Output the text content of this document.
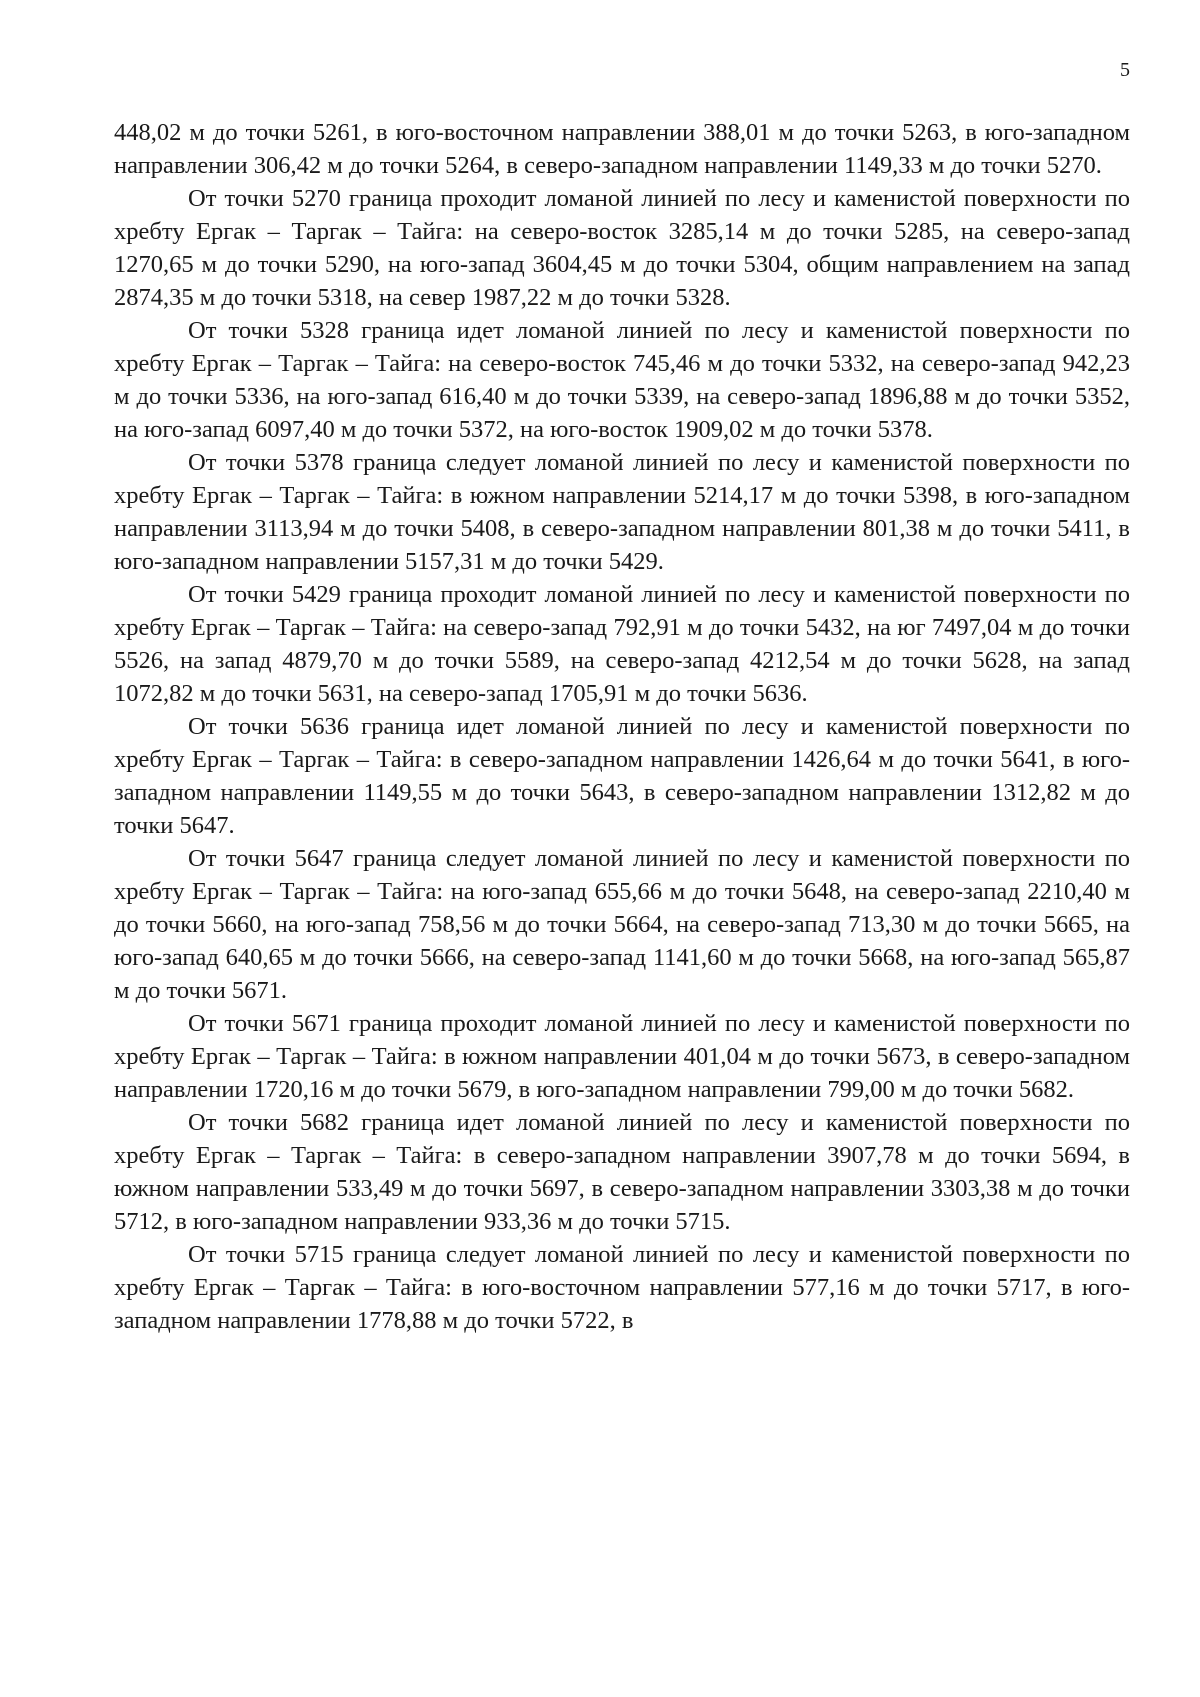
5

448,02 м до точки 5261, в юго-восточном направлении 388,01 м до точки 5263, в юго-западном направлении 306,42 м до точки 5264, в северо-западном направлении 1149,33 м до точки 5270.

От точки 5270 граница проходит ломаной линией по лесу и каменистой поверхности по хребту Ергак – Таргак – Тайга: на северо-восток 3285,14 м до точки 5285, на северо-запад 1270,65 м до точки 5290, на юго-запад 3604,45 м до точки 5304, общим направлением на запад 2874,35 м до точки 5318, на север 1987,22 м до точки 5328.

От точки 5328 граница идет ломаной линией по лесу и каменистой поверхности по хребту Ергак – Таргак – Тайга: на северо-восток 745,46 м до точки 5332, на северо-запад 942,23 м до точки 5336, на юго-запад 616,40 м до точки 5339, на северо-запад 1896,88 м до точки 5352, на юго-запад 6097,40 м до точки 5372, на юго-восток 1909,02 м до точки 5378.

От точки 5378 граница следует ломаной линией по лесу и каменистой поверхности по хребту Ергак – Таргак – Тайга: в южном направлении 5214,17 м до точки 5398, в юго-западном направлении 3113,94 м до точки 5408, в северо-западном направлении 801,38 м до точки 5411, в юго-западном направлении 5157,31 м до точки 5429.

От точки 5429 граница проходит ломаной линией по лесу и каменистой поверхности по хребту Ергак – Таргак – Тайга: на северо-запад 792,91 м до точки 5432, на юг 7497,04 м до точки 5526, на запад 4879,70 м до точки 5589, на северо-запад 4212,54 м до точки 5628, на запад 1072,82 м до точки 5631, на северо-запад 1705,91 м до точки 5636.

От точки 5636 граница идет ломаной линией по лесу и каменистой поверхности по хребту Ергак – Таргак – Тайга: в северо-западном направлении 1426,64 м до точки 5641, в юго-западном направлении 1149,55 м до точки 5643, в северо-западном направлении 1312,82 м до точки 5647.

От точки 5647 граница следует ломаной линией по лесу и каменистой поверхности по хребту Ергак – Таргак – Тайга: на юго-запад 655,66 м до точки 5648, на северо-запад 2210,40 м до точки 5660, на юго-запад 758,56 м до точки 5664, на северо-запад 713,30 м до точки 5665, на юго-запад 640,65 м до точки 5666, на северо-запад 1141,60 м до точки 5668, на юго-запад 565,87 м до точки 5671.

От точки 5671 граница проходит ломаной линией по лесу и каменистой поверхности по хребту Ергак – Таргак – Тайга: в южном направлении 401,04 м до точки 5673, в северо-западном направлении 1720,16 м до точки 5679, в юго-западном направлении 799,00 м до точки 5682.

От точки 5682 граница идет ломаной линией по лесу и каменистой поверхности по хребту Ергак – Таргак – Тайга: в северо-западном направлении 3907,78 м до точки 5694, в южном направлении 533,49 м до точки 5697, в северо-западном направлении 3303,38 м до точки 5712, в юго-западном направлении 933,36 м до точки 5715.

От точки 5715 граница следует ломаной линией по лесу и каменистой поверхности по хребту Ергак – Таргак – Тайга: в юго-восточном направлении 577,16 м до точки 5717, в юго-западном направлении 1778,88 м до точки 5722, в
